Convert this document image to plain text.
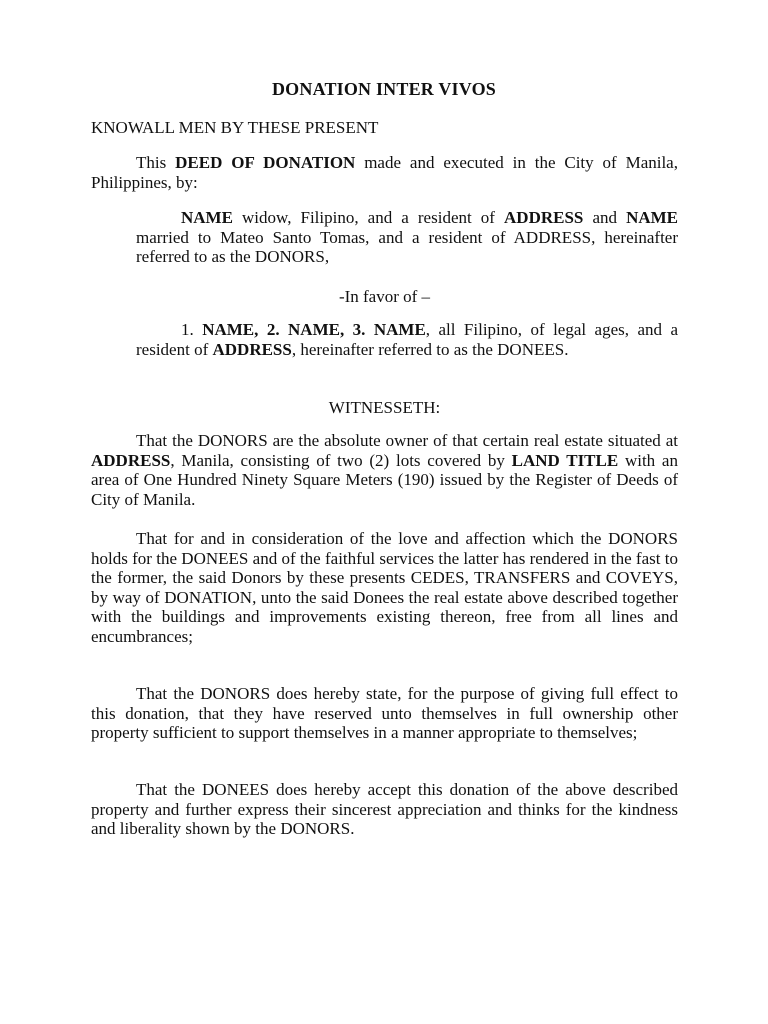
DONATION INTER VIVOS
KNOWALL MEN BY THESE PRESENT
This DEED OF DONATION made and executed in the City of Manila, Philippines, by:
NAME widow, Filipino, and a resident of ADDRESS and NAME married to Mateo Santo Tomas, and a resident of ADDRESS, hereinafter referred to as the DONORS,
-In favor of –
1. NAME, 2. NAME, 3. NAME, all Filipino, of legal ages, and a resident of ADDRESS, hereinafter referred to as the DONEES.
WITNESSETH:
That the DONORS are the absolute owner of that certain real estate situated at ADDRESS, Manila, consisting of two (2) lots covered by LAND TITLE with an area of One Hundred Ninety Square Meters (190) issued by the Register of Deeds of City of Manila.
That for and in consideration of the love and affection which the DONORS holds for the DONEES and of the faithful services the latter has rendered in the fast to the former, the said Donors by these presents CEDES, TRANSFERS and COVEYS, by way of DONATION, unto the said Donees the real estate above described together with the buildings and improvements existing thereon, free from all lines and encumbrances;
That the DONORS does hereby state, for the purpose of giving full effect to this donation, that they have reserved unto themselves in full ownership other property sufficient to support themselves in a manner appropriate to themselves;
That the DONEES does hereby accept this donation of the above described property and further express their sincerest appreciation and thinks for the kindness and liberality shown by the DONORS.
